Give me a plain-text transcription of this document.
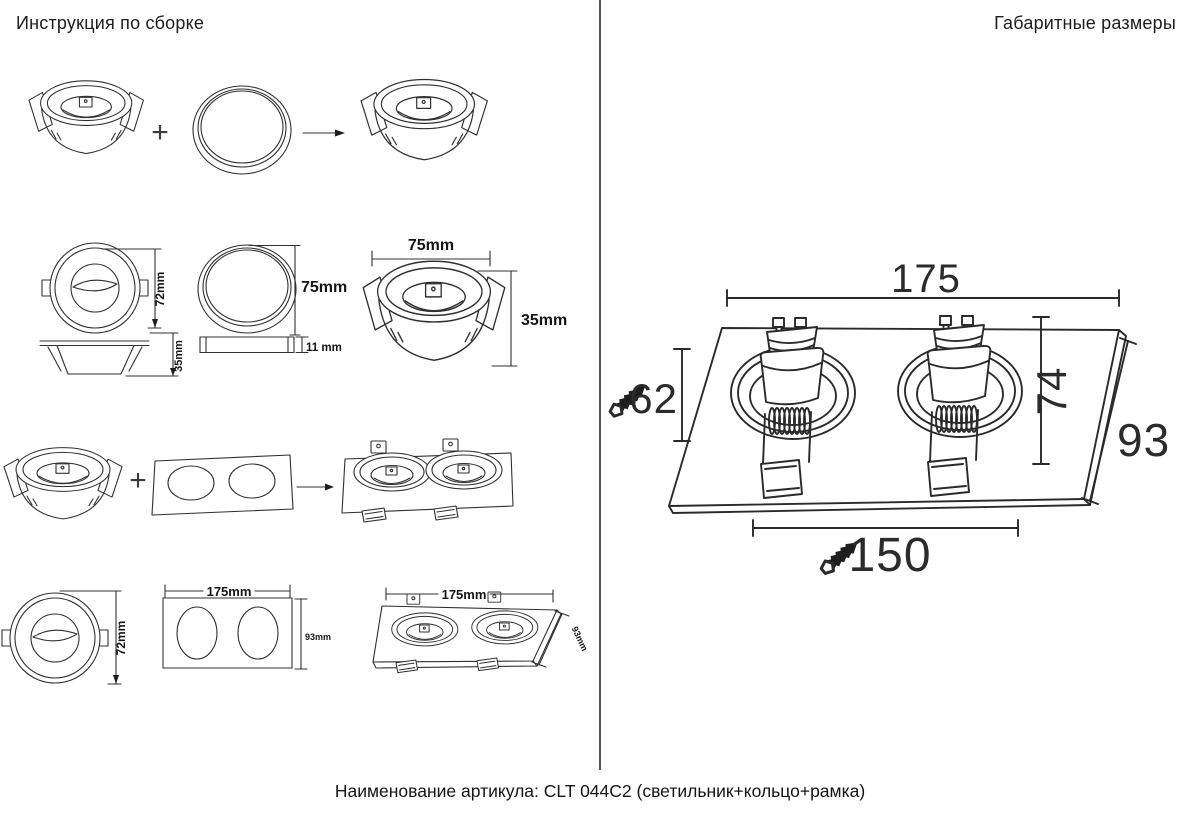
Инструкция по сборке	Габаритные размеры
+
72mm
35mm
75mm
11 mm
75mm
35mm
+
72mm
175mm
93mm
175mm
93mm
175
62	74
93
150
Наименование артикула: CLT 044C2 (светильник+кольцо+рамка)
